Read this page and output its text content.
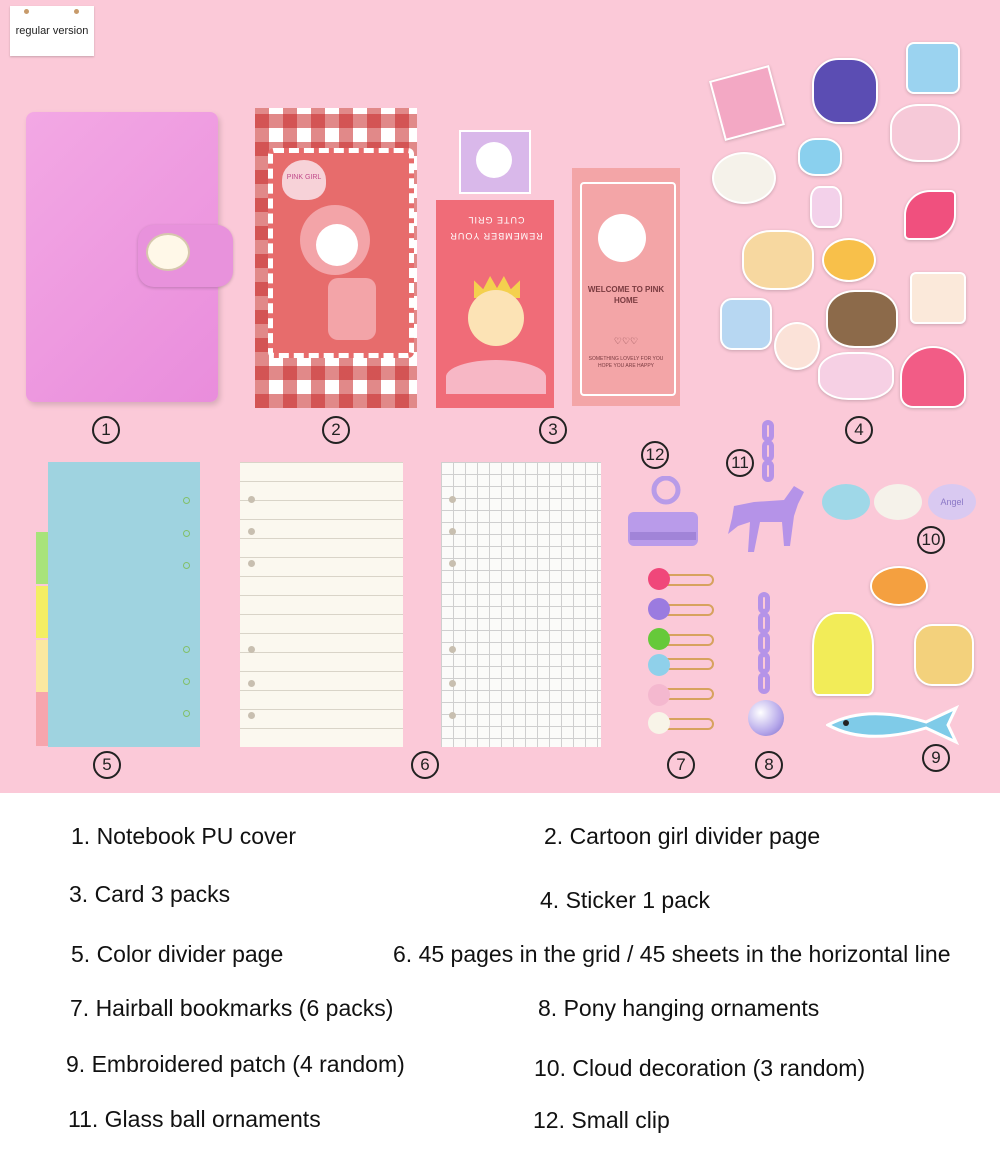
regular version
1
PINK GIRL
2
REMEMBER YOUR CUTE GRIL
WELCOME TO PINK HOME
♡♡♡
SOMETHING LOVELY FOR YOU HOPE YOU ARE HAPPY
3	4
5	6
12
7
11
8
Angel
10
9
1. Notebook PU cover	2. Cartoon girl divider page
3. Card 3 packs	4. Sticker 1 pack
5. Color divider page	6. 45 pages in the grid / 45 sheets in the horizontal line
7. Hairball bookmarks (6 packs)	8. Pony hanging ornaments
9. Embroidered patch (4 random)	10. Cloud decoration (3 random)
11. Glass ball ornaments	12. Small clip
